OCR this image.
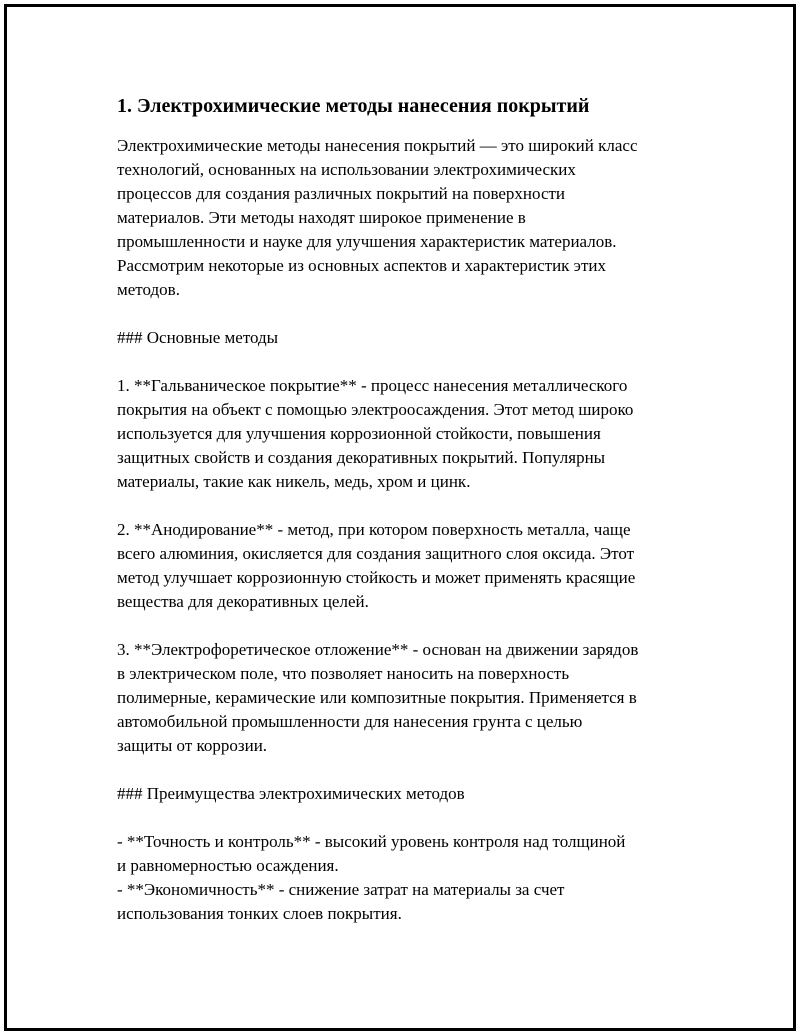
1. Электрохимические методы нанесения покрытий

Электрохимические методы нанесения покрытий — это широкий класс

технологий, основанных на использовании электрохимических

процессов для создания различных покрытий на поверхности

материалов. Эти методы находят широкое применение в

промышленности и науке для улучшения характеристик материалов.

Рассмотрим некоторые из основных аспектов и характеристик этих

методов.

### Основные методы

1. **Гальваническое покрытие** - процесс нанесения металлического

покрытия на объект с помощью электроосаждения. Этот метод широко

используется для улучшения коррозионной стойкости, повышения

защитных свойств и создания декоративных покрытий. Популярны

материалы, такие как никель, медь, хром и цинк.

2. **Анодирование** - метод, при котором поверхность металла, чаще

всего алюминия, окисляется для создания защитного слоя оксида. Этот

метод улучшает коррозионную стойкость и может применять красящие

вещества для декоративных целей.

3. **Электрофоретическое отложение** - основан на движении зарядов

в электрическом поле, что позволяет наносить на поверхность

полимерные, керамические или композитные покрытия. Применяется в

автомобильной промышленности для нанесения грунта с целью

защиты от коррозии.

### Преимущества электрохимических методов

- **Точность и контроль** - высокий уровень контроля над толщиной

и равномерностью осаждения.

- **Экономичность** - снижение затрат на материалы за счет

использования тонких слоев покрытия.
